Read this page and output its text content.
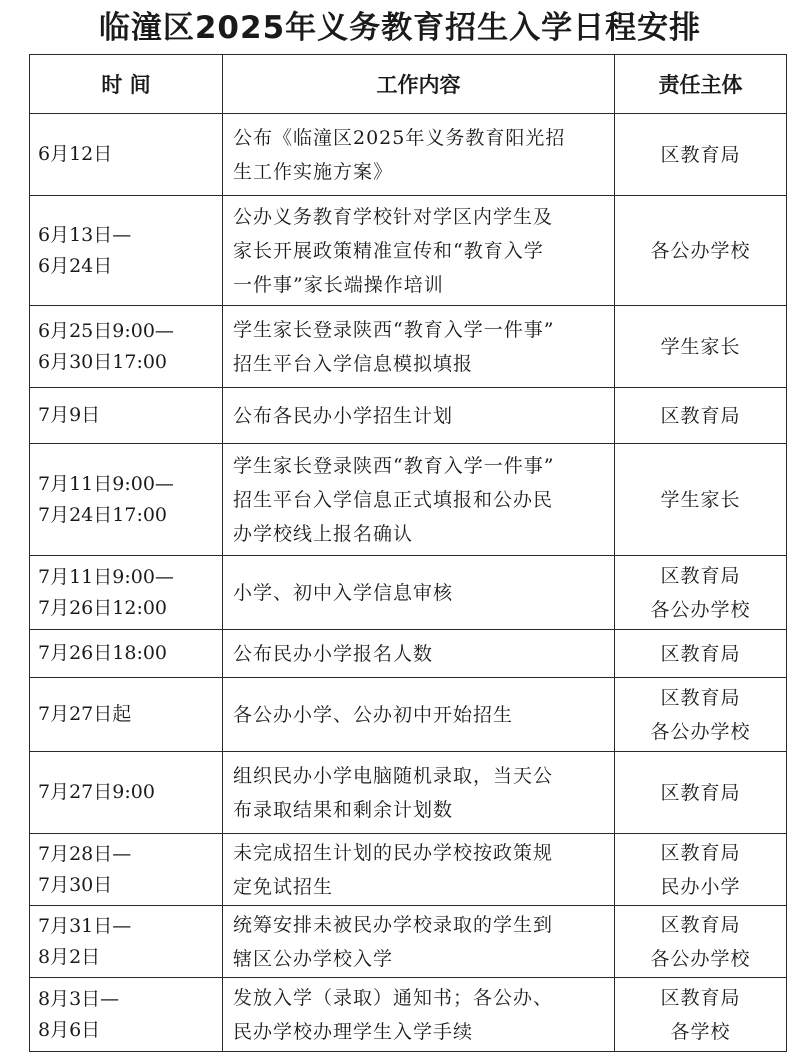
临潼区2025年义务教育招生入学日程安排
时 间	工作内容	责任主体

6月12日	公布《临潼区2025年义务教育阳光招
生工作实施方案》	区教育局

6月13日—
6月24日	公办义务教育学校针对学区内学生及
家长开展政策精准宣传和“教育入学
一件事”家长端操作培训	各公办学校

6月25日9:00—
6月30日17:00	学生家长登录陕西“教育入学一件事”
招生平台入学信息模拟填报	学生家长

7月9日	公布各民办小学招生计划	区教育局

7月11日9:00—
7月24日17:00	学生家长登录陕西“教育入学一件事”
招生平台入学信息正式填报和公办民
办学校线上报名确认	学生家长

7月11日9:00—
7月26日12:00	小学、初中入学信息审核	区教育局
各公办学校

7月26日18:00	公布民办小学报名人数	区教育局

7月27日起	各公办小学、公办初中开始招生	区教育局
各公办学校

7月27日9:00	组织民办小学电脑随机录取，当天公
布录取结果和剩余计划数	区教育局

7月28日—
7月30日	未完成招生计划的民办学校按政策规
定免试招生	区教育局
民办小学

7月31日—
8月2日	统筹安排未被民办学校录取的学生到
辖区公办学校入学	区教育局
各公办学校

8月3日—
8月6日	发放入学（录取）通知书；各公办、
民办学校办理学生入学手续	区教育局
各学校
